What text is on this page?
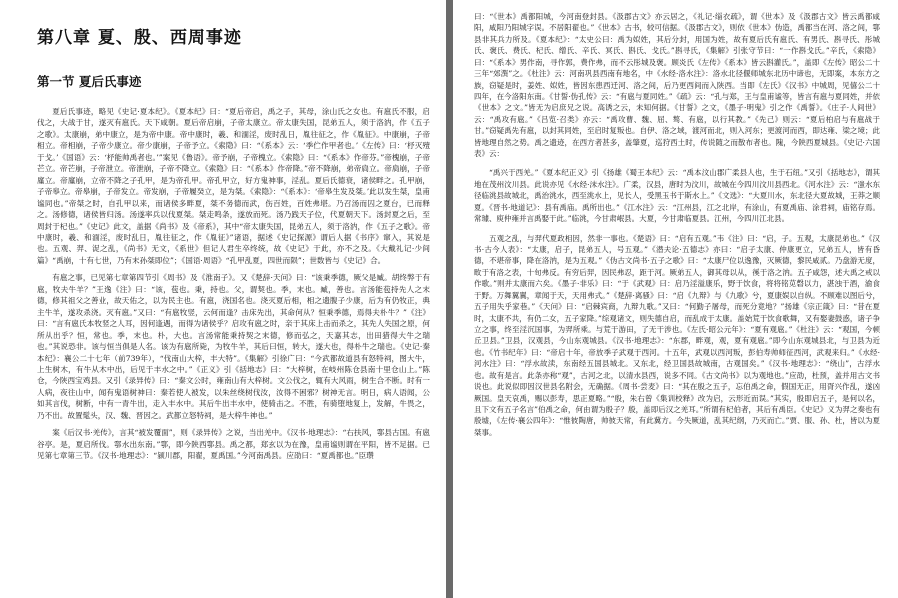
第八章 夏、殷、西周事迹
第一节 夏后氏事迹

夏后氏事迹，略见《史记·夏本纪》。《夏本纪》曰：“夏后帝启，禹之子，其母，涂山氏之女也。有扈氏不服，启伐之，大战于甘，遂灭有扈氏。天下咸朝。夏后帝启崩，子帝太康立。帝太康失国，昆弟五人，须于洛汭，作《五子之歌》。太康崩，弟中康立，是为帝中康。帝中康时，羲、和湎淫，废时乱日，胤往征之，作《胤征》。中康崩，子帝相立。帝相崩，子帝少康立。帝少康崩，子帝予立。《索隐》曰：“《系本》云：‘季伫作甲者也。’《左传》曰：‘杼灭殪于戈。’《国语》云：‘杼能帅禹者也。’”案见《鲁语》。帝予崩，子帝槐立。《索隐》曰：“《系本》作帝芬。”帝槐崩，子帝芒立。帝芒崩，子帝泄立。帝泄崩，子帝不降立。《索隐》曰：“《系本》作帝降。”帝不降崩，弟帝扃立。帝扃崩，子帝廑立。帝廑崩，立帝不降之子孔甲，是为帝孔甲。帝孔甲立，好方鬼神事，淫乱。夏后氏德衰，诸侯畔之。孔甲崩，子帝皋立。帝皋崩，子帝发立。帝发崩，子帝履癸立，是为桀。《索隐》：“《系本》：‘帝皋生发及桀。’此以发生桀，皇甫谧同也。”帝桀之时，自孔甲以来，而诸侯多畔夏，桀不务德而武，伤百姓，百姓弗堪。乃召汤而囚之夏台，已而释之。汤修德，诸侯皆归汤。汤遂率兵以伐夏桀。桀走鸣条，遂放而死。汤乃践天子位，代夏朝天下。汤封夏之后，至周封于杞也。”《史记》此文，盖据《尚书》及《帝系》，其中“帝太康失国，昆弟五人，须于洛汭，作《五子之歌》。帝中康时，羲、和湎淫，废时乱日，胤往征之，作《胤征》”诸语，据述《史记探源》谓后人据《书序》窜入，其说是也。五观、羿、浞之乱，《尚书》无文，《系世》但记人君生卒终统，故《史记》于此，亦不之及。《大戴礼记·少间篇》“禹崩，十有七世，乃有末孙桀即位”；《国语·周语》“孔甲乱夏，四世而陨”；世数皆与《史记》合。

有扈之事，已见第七章第四节引《周书》及《淮南子》。又《楚辞·天问》曰：“该秉季德，厥父是臧。胡终弊于有扈，牧夫牛羊？”王逸《注》曰：“该，苞也。秉，持也。父，谓契也。季，末也。臧，善也。言汤能苞持先人之末德，修其祖父之善业，故天佑之，以为民主也。有扈，浇国名也。浇灭夏后相，相之遗腹子少康，后为有仍牧正，典主牛羊，遂攻杀浇。灭有扈。”又曰：“有扈牧竖，云何而逢？击床先出，其命何从？恒秉季德，焉得夫朴牛？”《注》曰：“言有扈氏本牧竖之人耳，因何逢遇，而得为诸侯乎？启攻有扈之时，亲于其床上击而杀之，其先人失国之原，何所从出乎？恒，常也。季，末也。朴，大也。言汤常能秉持契之末德，修而弘之，天嘉其志，出田猎得大牛之瑞也。”其说恐非。该与恒当俱是人名。该为有扈所毙，为牧牛羊，其后曰恒，转大，遂大也，得朴牛之瑞也。《史记·秦本纪》：襄公二十七年（前739年），“伐南山大梓，丰大特”。《集解》引徐广曰：“今武都故道县有怒特祠，图大牛，上生树木，有牛从木中出，后见于丰水之中。”《正义》引《括地志》曰：“大梓树，在岐州陈仓县南十里仓山上。”陈仓，今陕西宝鸡县。又引《录异传》曰：“秦文公时，雍南山有大梓树。文公伐之，辄有大风雨，树生合不断。时有一人病，夜往山中，闻有鬼语树神曰：秦若使人被发，以朱丝绕树伐汝，汝得不困邪？树神无言。明日，病人语闻，公如其言伐，树断，中有一青牛出，走入丰水中。其后牛出丰水中，使骑击之。不胜，有骑堕地复上，发解，牛畏之，乃不出。故置髦头，汉、魏、晋因之。武都立怒特祠，是大梓牛神也。”

案《后汉书·羌传》，言其“被发覆面”，则《录异传》之说，当出羌中。《汉书·地理志》：“右扶风，鄠县古国。有扈谷亭。是，夏启所伐。鄠水出东南。”鄠，即今陕西鄠县。禹之都，郑玄以为在豫，皇甫谧则谓在平阳，皆不足据。已见第七章第三节。《汉书·地理志》：“颍川郡，阳翟，夏禹国。”今河南禹县。应劭曰：“夏禹都也。”臣瓒

曰：“《世本》禹都阳城，今河南登封县。《汲郡古文》亦云居之，《礼记·缁衣疏》，谓《世本》及《汲郡古文》皆云禹都咸阳，咸阳乃阳城字误。不居阳翟也。”《世本》古书，较可信据。《汲郡古文》，则依《世本》伪造，禹都当在河、洛之间，鄠县非其兵力所及。《夏本纪》：“太史公曰：禹为姒姓，其后分封，用国为姓，故有夏后氏有扈氏、有男氏、斟寻氏、彤城氏、褒氏、费氏、杞氏、缯氏、辛氏、冥氏、斟氏、戈氏。”斟寻氏，《集解》引张守节曰：“一作斟戈氏。”辛氏，《索隐》曰：“《系本》男作南，寻作郭，费作弗，而不云彤城及褒。顾炎氏《左传》《系本》皆云斟灌氏。”，盖即《左传》昭公二十三年“郊潠”之。《杜注》云：河南巩县西南有地名，中《水经·洛水注》：洛水北径偃师城东北历中谛也，无即案，本东方之族，窃疑是时，姜姓、姒姓，皆因东患西迁河、洛之间，后乃更西间而入陕西。当即《左氏》《汉书》中城周，见僖公二十四年，在今洛阳东南。《甘誓·伪孔传》云：“有扈与夏同姓。”《疏》云：“孔与郑，王与皇甫谧等，皆言有扈与夏同姓，并依《世本》之文。”皆无为启庶兄之说。高诱之云，未知何据。《甘誓》之文，《墨子·明鬼》引之作《禹誓》。《庄子·人间世》云：“禹攻有扈。”《吕览·召类》亦云：“禹攻曹、魏、屈、骜、有扈，以行其教。”《先己》则云：“夏后柏启与有扈战于甘。”窃疑禹先有扈，以封其同姓，至启时复叛也。自伊、洛之域，渡河而北，则入河东；更渡河而西，即达雍、梁之境；此皆地理自然之势。禹之遗迹，在西方者甚多，盖肇夏，巡狩西土时，传说随之而散布者也。隗，今陕西夏城县。《史记·六国表》云：

“禹兴于西羌。”《夏本纪正义》引《扬雄《蜀王本纪》云：“禹本汶山郡广柔县人也，生于石纽。”又引《括地志》，谓其地在茂州汶川县。此说亦见《水经·沫水注》。广柔，汉县，唐时为汶川，故城在今四川汶川县西北。《河水注》云：“滍水东径临洮县故城北，禹治洮水，西至洮水上，见长人，受黑玉书于斯水上。”《文选》：“大夏川水，东北径大夏故城，王莽之顺夏。《晋书·地道记》：县有禹庙。禹所出也。”《江水注》云：“江州县，江之北岸，有涂山，有夏禹庙、涂君祠，庙铭存焉。常璩、庾仲雍并言禹娶于此。”临洮，今甘肃岷县。大夏，今甘肃临夏县。江州，今四川江北县。

五观之乱，与羿代夏政相因，然非一事也。《楚语》曰：“启有五观。”韦《注》曰：“启，子。五观，太康昆弟也。”《汉书·古今人表》：“太康，启子，昆弟五人，号五观。”《潜夫论·五德志》亦曰：“启子太康、仲康更立，兄弟五人，皆有昏德，不堪帝事，降在洛汭，是为五观。”《伪古文尚书·五子之歌》曰：“太康尸位以逸豫，灭厥德，黎民咸贰。乃盘游无度，畋于有洛之表，十旬弗反。有穷后羿，因民弗忍，距于河。厥弟五人，御其母以从，徯于洛之汭。五子咸怨，述大禹之戒以作歌。”则并太康而六矣。《墨子·非乐》曰：“于《武观》曰：启乃淫溢康乐，野于饮食，将将铭苋磬以力，湛浊于酒，渝食于野。万舞翼翼，章闻于天，天用弗式。”《楚辞·离骚》曰：“启《九辩》与《九歌》兮，夏康娱以自纵。不顾难以图后兮，五子用失乎家巷。”《天问》曰：“启棘宾商，九辩九歌。”又曰：“何勤子屠母，而死分竟地？”扬雄《宗正箴》曰：“昔在夏时，太康不共，有仍二女，五子家降。”综观诸文，则失德自启，而乱成于太康。盖始荒于饮食歌舞，又有娶妻鼓惑，诸子争立之事，终至淫沉国事，为羿所乘。与荒于游田，了无干涉也。《左氏·昭公元年》：“夏有观扈。”《杜注》云：“观国，今顿丘卫县。”卫县，汉观县，今山东观城县。《汉书·地理志》：“东郡，畔观，观，夏有观扈。”即今山东观城县北，与卫县为近也。《竹书纪年》曰：“帝启十年，帝放季子武观于西河。十五年，武观以西河叛，彭伯寿帅师征西河，武观来归。”《水经·河水注》曰：“浮水故渎，东南经五国县城北。又东北，经卫国县故城南，古观国矣。”《汉书·地理志》：“绕山”，古浮水也。故有是言。此条亦称“观”，古河之北，以清水县西，说多不同。《古文尚书》以为观地也。”应劭，杜预，盖并用古文书说也。此说似即因汉世县名附会，无确据。《周书·尝麦》曰：“其在殷之五子，忘伯禹之命，假国无正，用胥兴作乱，遂凶厥国。皇天哀禹，赐以彭寿，思正夏略。”“殷，朱右曾《集训校释》改为启，云形近而误。”其实，殷即启五子，是何以名，且下文有五子名言”伯禹之命，何由谓为殷子？殷，盖即后汉之羌耳。”所谓有杞伯者，其后有禹臣。《史记》义为羿之奏也有殷墟，《左传·襄公四年》：“惟彼陶唐，帅彼天常，有此冀方。今失厥道，乱其纪纲，乃灭而亡。”贾、服、孙、杜，皆以为夏桀事。
